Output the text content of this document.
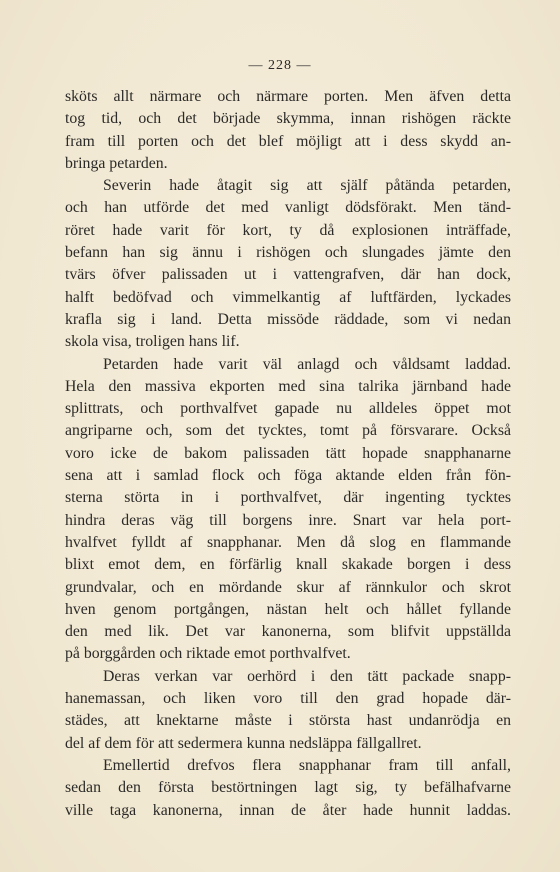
— 228 —
sköts allt närmare och närmare porten. Men äfven detta
tog tid, och det började skymma, innan rishögen räckte
fram till porten och det blef möjligt att i dess skydd an-
bringa petarden.
Severin hade åtagit sig att själf påtända petarden,
och han utförde det med vanligt dödsförakt. Men tänd-
röret hade varit för kort, ty då explosionen inträffade,
befann han sig ännu i rishögen och slungades jämte den
tvärs öfver palissaden ut i vattengrafven, där han dock,
halft bedöfvad och vimmelkantig af luftfärden, lyckades
krafla sig i land. Detta missöde räddade, som vi nedan
skola visa, troligen hans lif.
Petarden hade varit väl anlagd och våldsamt laddad.
Hela den massiva ekporten med sina talrika järnband hade
splittrats, och porthvalfvet gapade nu alldeles öppet mot
angriparne och, som det tycktes, tomt på försvarare. Också
voro icke de bakom palissaden tätt hopade snapphanarne
sena att i samlad flock och föga aktande elden från fön-
sterna störta in i porthvalfvet, där ingenting tycktes
hindra deras väg till borgens inre. Snart var hela port-
hvalfvet fylldt af snapphanar. Men då slog en flammande
blixt emot dem, en förfärlig knall skakade borgen i dess
grundvalar, och en mördande skur af rännkulor och skrot
hven genom portgången, nästan helt och hållet fyllande
den med lik. Det var kanonerna, som blifvit uppställda
på borggården och riktade emot porthvalfvet.
Deras verkan var oerhörd i den tätt packade snapp-
hanemassan, och liken voro till den grad hopade där-
städes, att knektarne måste i största hast undanrödja en
del af dem för att sedermera kunna nedsläppa fällgallret.
Emellertid drefvos flera snapphanar fram till anfall,
sedan den första bestörtningen lagt sig, ty befälhafvarne
ville taga kanonerna, innan de åter hade hunnit laddas.
